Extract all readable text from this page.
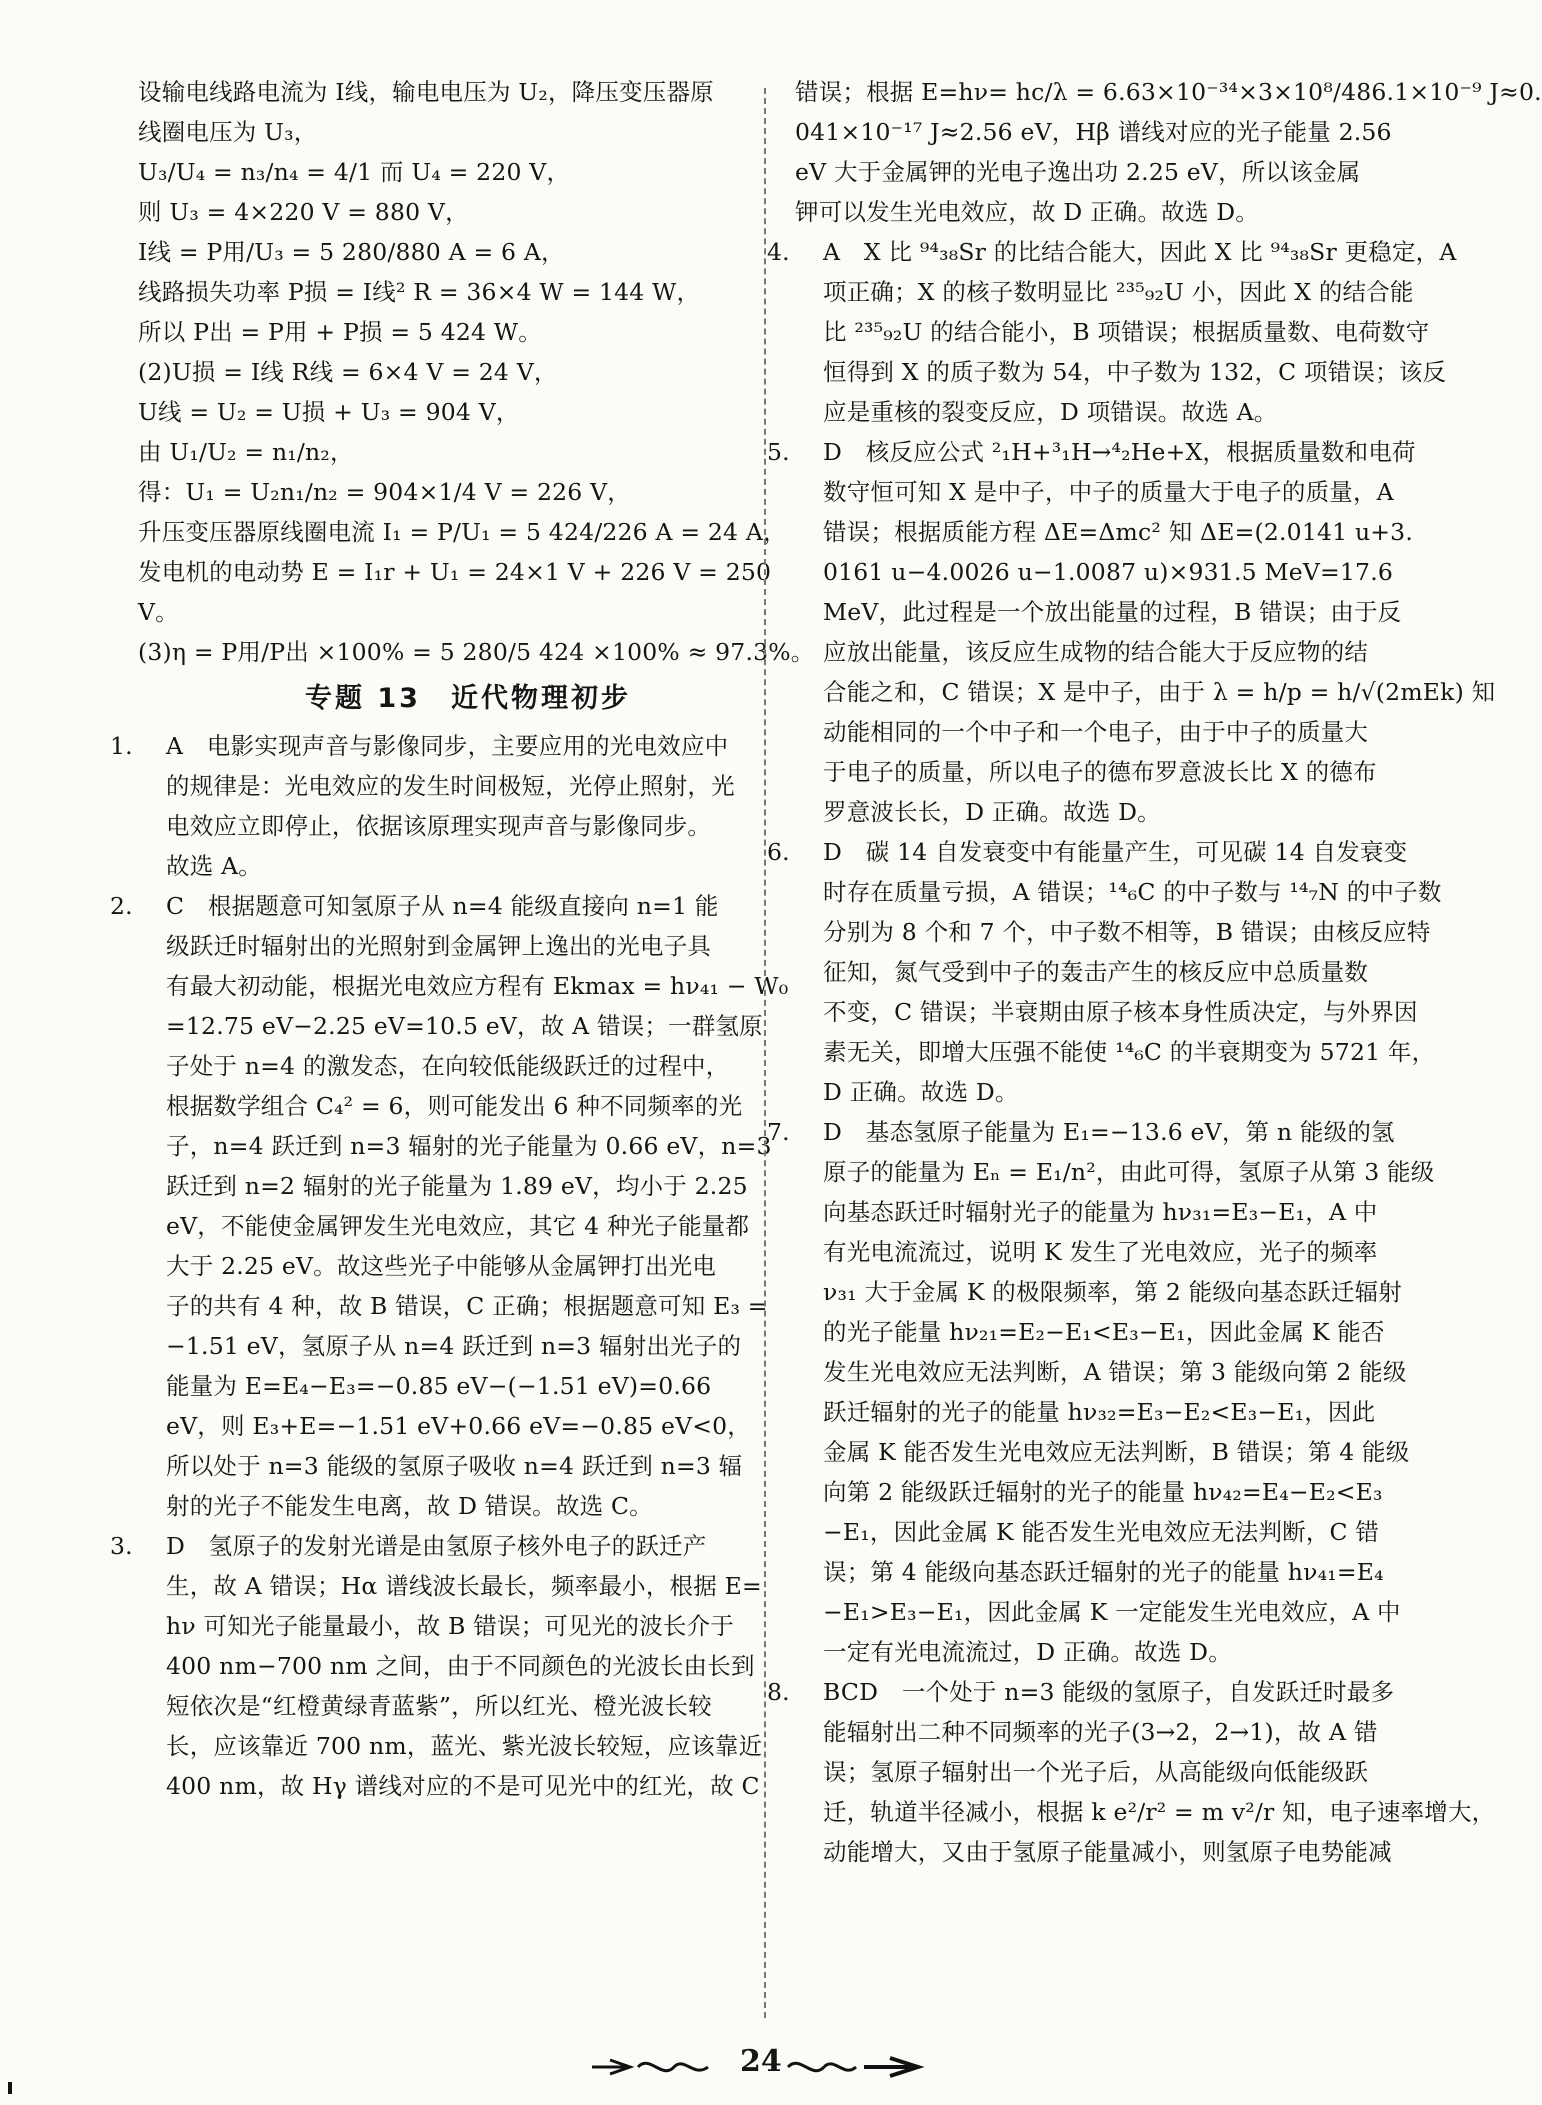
设输电线路电流为 I线，输电电压为 U₂，降压变压器原
线圈电压为 U₃，
U₃/U₄ = n₃/n₄ = 4/1 而 U₄ = 220 V，
则 U₃ = 4×220 V = 880 V，
I线 = P用/U₃ = 5 280/880 A = 6 A，
线路损失功率 P损 = I线² R = 36×4 W = 144 W，
所以 P出 = P用 + P损 = 5 424 W。
(2)U损 = I线 R线 = 6×4 V = 24 V，
U线 = U₂ = U损 + U₃ = 904 V，
由 U₁/U₂ = n₁/n₂，
得：U₁ = U₂n₁/n₂ = 904×1/4 V = 226 V，
升压变压器原线圈电流 I₁ = P/U₁ = 5 424/226 A = 24 A，
发电机的电动势 E = I₁r + U₁ = 24×1 V + 226 V = 250
V。
(3)η = P用/P出 ×100% = 5 280/5 424 ×100% ≈ 97.3%。
专题 13　近代物理初步
1. A　电影实现声音与影像同步，主要应用的光电效应中
的规律是：光电效应的发生时间极短，光停止照射，光
电效应立即停止，依据该原理实现声音与影像同步。
故选 A。
2. C　根据题意可知氢原子从 n=4 能级直接向 n=1 能
级跃迁时辐射出的光照射到金属钾上逸出的光电子具
有最大初动能，根据光电效应方程有 Ekmax = hν₄₁ − W₀
=12.75 eV−2.25 eV=10.5 eV，故 A 错误；一群氢原
子处于 n=4 的激发态，在向较低能级跃迁的过程中，
根据数学组合 C₄² = 6，则可能发出 6 种不同频率的光
子，n=4 跃迁到 n=3 辐射的光子能量为 0.66 eV，n=3
跃迁到 n=2 辐射的光子能量为 1.89 eV，均小于 2.25
eV，不能使金属钾发生光电效应，其它 4 种光子能量都
大于 2.25 eV。故这些光子中能够从金属钾打出光电
子的共有 4 种，故 B 错误，C 正确；根据题意可知 E₃ =
−1.51 eV，氢原子从 n=4 跃迁到 n=3 辐射出光子的
能量为 E=E₄−E₃=−0.85 eV−(−1.51 eV)=0.66
eV，则 E₃+E=−1.51 eV+0.66 eV=−0.85 eV<0，
所以处于 n=3 能级的氢原子吸收 n=4 跃迁到 n=3 辐
射的光子不能发生电离，故 D 错误。故选 C。
3. D　氢原子的发射光谱是由氢原子核外电子的跃迁产
生，故 A 错误；Hα 谱线波长最长，频率最小，根据 E=
hν 可知光子能量最小，故 B 错误；可见光的波长介于
400 nm−700 nm 之间，由于不同颜色的光波长由长到
短依次是“红橙黄绿青蓝紫”，所以红光、橙光波长较
长，应该靠近 700 nm，蓝光、紫光波长较短，应该靠近
400 nm，故 Hγ 谱线对应的不是可见光中的红光，故 C
错误；根据 E=hν= hc/λ = 6.63×10⁻³⁴×3×10⁸/486.1×10⁻⁹ J≈0.
041×10⁻¹⁷ J≈2.56 eV，Hβ 谱线对应的光子能量 2.56
eV 大于金属钾的光电子逸出功 2.25 eV，所以该金属
钾可以发生光电效应，故 D 正确。故选 D。
4. A　X 比 ⁹⁴₃₈Sr 的比结合能大，因此 X 比 ⁹⁴₃₈Sr 更稳定，A
项正确；X 的核子数明显比 ²³⁵₉₂U 小，因此 X 的结合能
比 ²³⁵₉₂U 的结合能小，B 项错误；根据质量数、电荷数守
恒得到 X 的质子数为 54，中子数为 132，C 项错误；该反
应是重核的裂变反应，D 项错误。故选 A。
5. D　核反应公式 ²₁H+³₁H→⁴₂He+X，根据质量数和电荷
数守恒可知 X 是中子，中子的质量大于电子的质量，A
错误；根据质能方程 ΔE=Δmc² 知 ΔE=(2.0141 u+3.
0161 u−4.0026 u−1.0087 u)×931.5 MeV=17.6
MeV，此过程是一个放出能量的过程，B 错误；由于反
应放出能量，该反应生成物的结合能大于反应物的结
合能之和，C 错误；X 是中子，由于 λ = h/p = h/√(2mEk) 知
动能相同的一个中子和一个电子，由于中子的质量大
于电子的质量，所以电子的德布罗意波长比 X 的德布
罗意波长长，D 正确。故选 D。
6. D　碳 14 自发衰变中有能量产生，可见碳 14 自发衰变
时存在质量亏损，A 错误；¹⁴₆C 的中子数与 ¹⁴₇N 的中子数
分别为 8 个和 7 个，中子数不相等，B 错误；由核反应特
征知，氮气受到中子的轰击产生的核反应中总质量数
不变，C 错误；半衰期由原子核本身性质决定，与外界因
素无关，即增大压强不能使 ¹⁴₆C 的半衰期变为 5721 年，
D 正确。故选 D。
7. D　基态氢原子能量为 E₁=−13.6 eV，第 n 能级的氢
原子的能量为 Eₙ = E₁/n²，由此可得，氢原子从第 3 能级
向基态跃迁时辐射光子的能量为 hν₃₁=E₃−E₁，A 中
有光电流流过，说明 K 发生了光电效应，光子的频率
ν₃₁ 大于金属 K 的极限频率，第 2 能级向基态跃迁辐射
的光子能量 hν₂₁=E₂−E₁<E₃−E₁，因此金属 K 能否
发生光电效应无法判断，A 错误；第 3 能级向第 2 能级
跃迁辐射的光子的能量 hν₃₂=E₃−E₂<E₃−E₁，因此
金属 K 能否发生光电效应无法判断，B 错误；第 4 能级
向第 2 能级跃迁辐射的光子的能量 hν₄₂=E₄−E₂<E₃
−E₁，因此金属 K 能否发生光电效应无法判断，C 错
误；第 4 能级向基态跃迁辐射的光子的能量 hν₄₁=E₄
−E₁>E₃−E₁，因此金属 K 一定能发生光电效应，A 中
一定有光电流流过，D 正确。故选 D。
8. BCD　一个处于 n=3 能级的氢原子，自发跃迁时最多
能辐射出二种不同频率的光子(3→2，2→1)，故 A 错
误；氢原子辐射出一个光子后，从高能级向低能级跃
迁，轨道半径减小，根据 k e²/r² = m v²/r 知，电子速率增大，
动能增大，又由于氢原子能量减小，则氢原子电势能减
24
